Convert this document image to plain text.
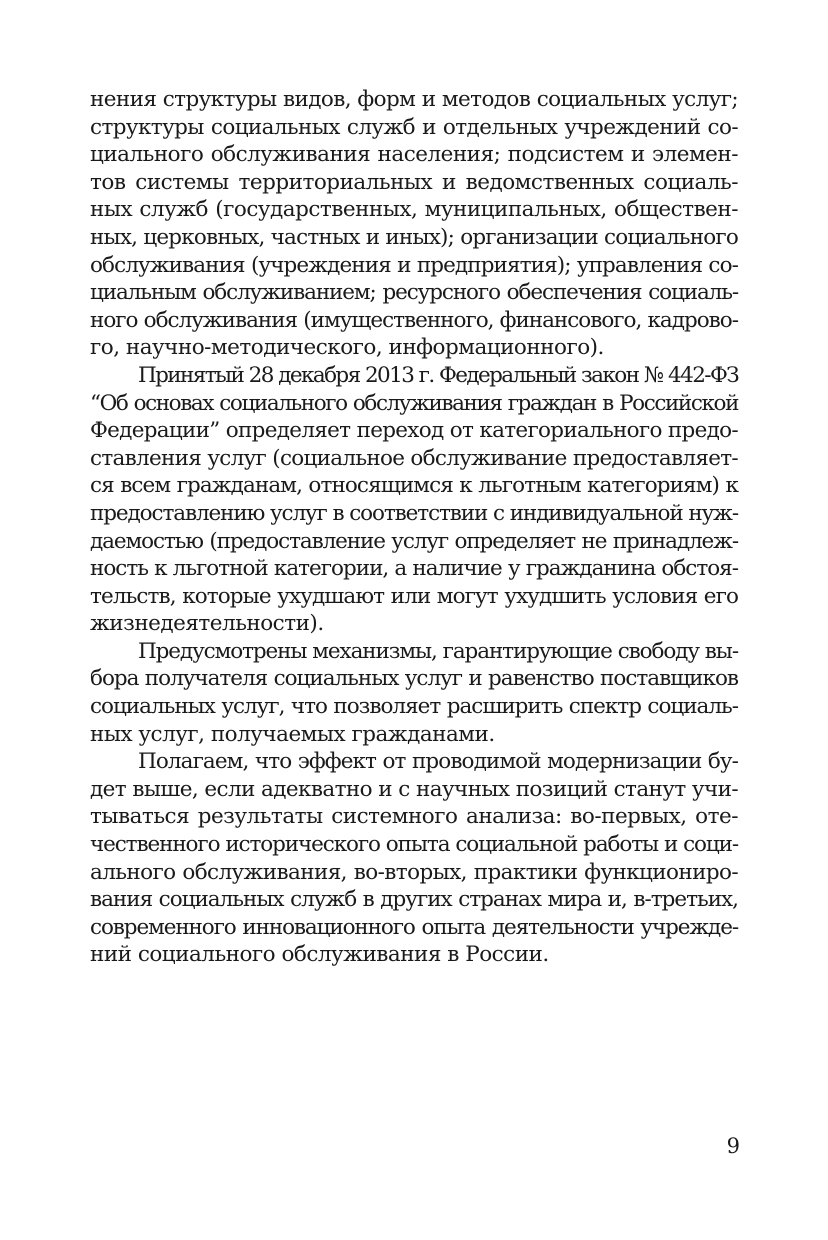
нения структуры видов, форм и методов социальных услуг;
структуры социальных служб и отдельных учреждений со-
циального обслуживания населения; подсистем и элемен-
тов системы территориальных и ведомственных социаль-
ных служб (государственных, муниципальных, обществен-
ных, церковных, частных и иных); организации социального
обслуживания (учреждения и предприятия); управления со-
циальным обслуживанием; ресурсного обеспечения социаль-
ного обслуживания (имущественного, финансового, кадрово-
го, научно-методического, информационного).
Принятый 28 декабря 2013 г. Федеральный закон № 442-ФЗ
“Об основах социального обслуживания граждан в Российской
Федерации” определяет переход от категориального предо-
ставления услуг (социальное обслуживание предоставляет-
ся всем гражданам, относящимся к льготным категориям) к
предоставлению услуг в соответствии с индивидуальной нуж-
даемостью (предоставление услуг определяет не принадлеж-
ность к льготной категории, а наличие у гражданина обстоя-
тельств, которые ухудшают или могут ухудшить условия его
жизнедеятельности).
Предусмотрены механизмы, гарантирующие свободу вы-
бора получателя социальных услуг и равенство поставщиков
социальных услуг, что позволяет расширить спектр социаль-
ных услуг, получаемых гражданами.
Полагаем, что эффект от проводимой модернизации бу-
дет выше, если адекватно и с научных позиций станут учи-
тываться результаты системного анализа: во-первых, оте-
чественного исторического опыта социальной работы и соци-
ального обслуживания, во-вторых, практики функциониро-
вания социальных служб в других странах мира и, в-третьих,
современного инновационного опыта деятельности учрежде-
ний социального обслуживания в России.
9
